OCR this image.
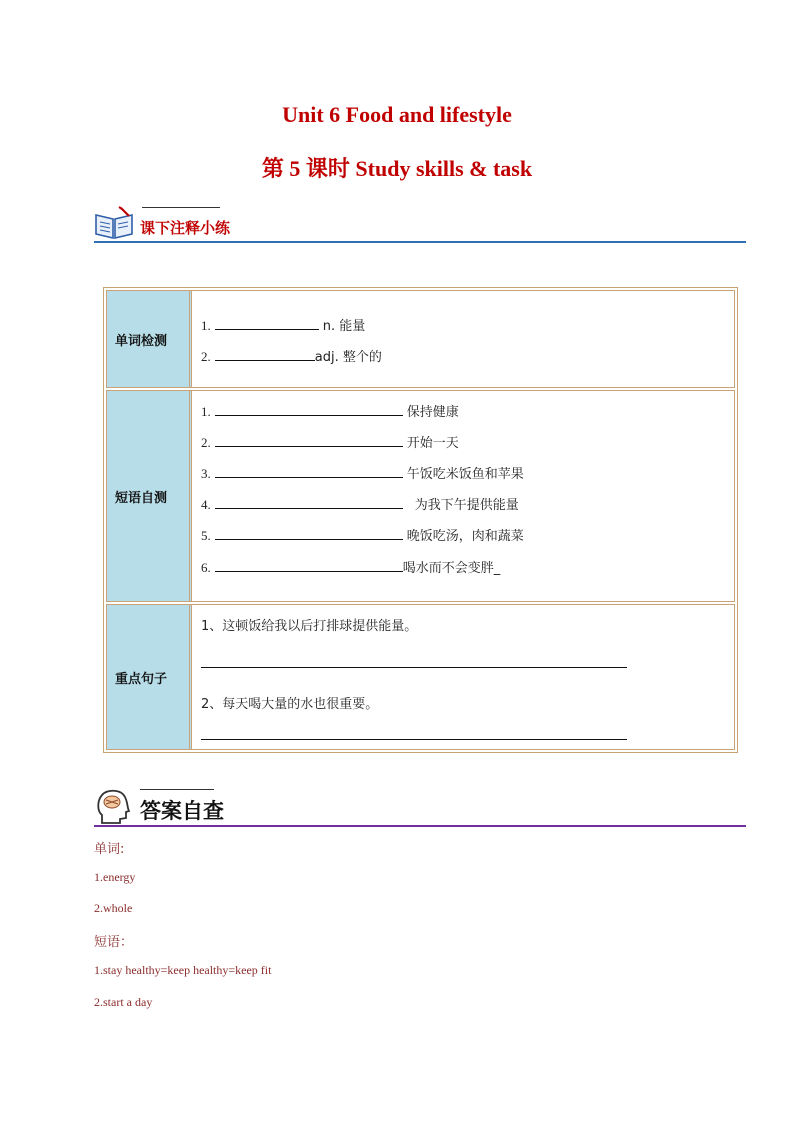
Unit 6 Food and lifestyle
第 5 课时 Study skills & task
课下注释小练
单词检测
1.	n. 能量
2.	adj. 整个的
短语自测
1.	保持健康
2.	开始一天
3.	午饭吃米饭鱼和苹果
4.	为我下午提供能量
5.	晚饭吃汤，肉和蔬菜
6.	喝水而不会变胖_
重点句子
1、这顿饭给我以后打排球提供能量。
2、每天喝大量的水也很重要。
答案自查
单词:
1.energy
2.whole
短语：
1.stay healthy=keep healthy=keep fit
2.start a day
